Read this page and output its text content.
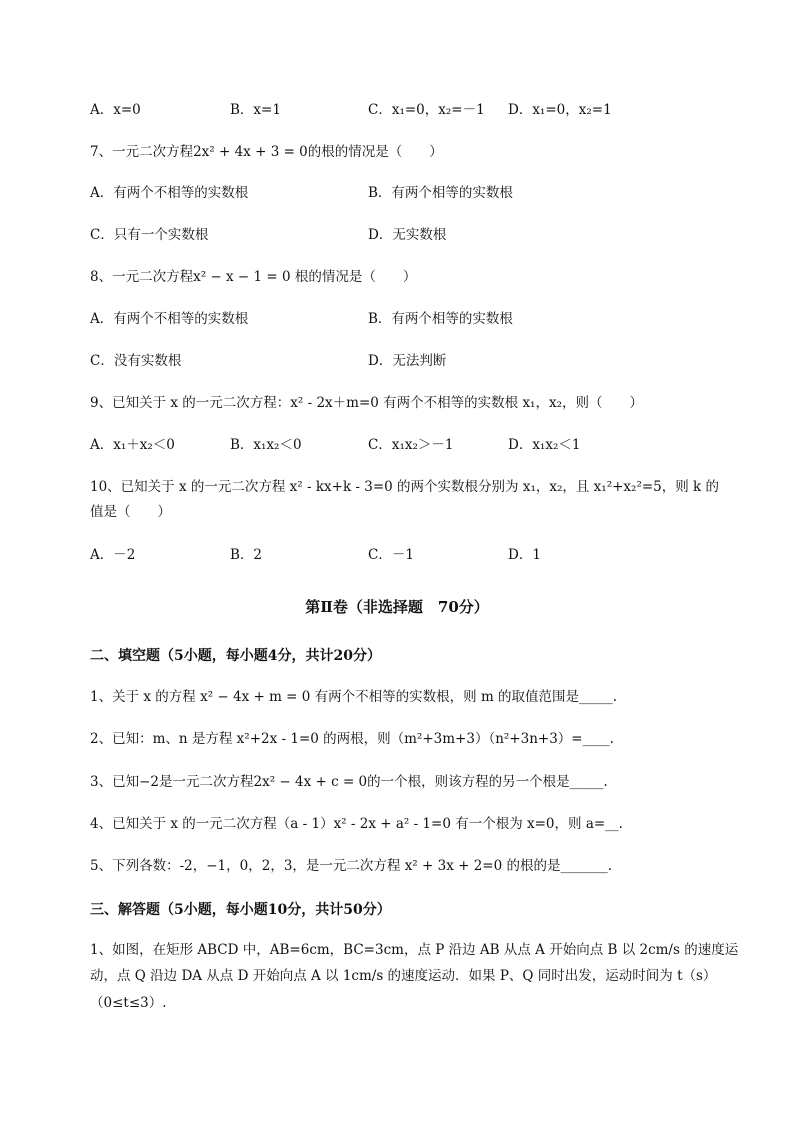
A．x=0	B．x=1	C．x₁=0，x₂=－1 D．x₁=0，x₂=1
7、一元二次方程2x² + 4x + 3 = 0的根的情况是（　　）
A．有两个不相等的实数根	B．有两个相等的实数根
C．只有一个实数根	D．无实数根
8、一元二次方程x² − x − 1 = 0 根的情况是（　　）
A．有两个不相等的实数根	B．有两个相等的实数根
C．没有实数根	D．无法判断
9、已知关于 x 的一元二次方程：x² - 2x＋m=0 有两个不相等的实数根 x₁，x₂，则（　　）
A．x₁＋x₂＜0	B．x₁x₂＜0	C．x₁x₂＞－1	D．x₁x₂＜1
10、已知关于 x 的一元二次方程 x² - kx+k - 3=0 的两个实数根分别为 x₁，x₂，且 x₁²+x₂²=5，则 k 的
值是（　　）
A．－2	B．2	C．－1	D．1
第Ⅱ卷（非选择题　70分）
二、填空题（5小题，每小题4分，共计20分）
1、关于 x 的方程 x² − 4x + m = 0 有两个不相等的实数根，则 m 的取值范围是_____.
2、已知：m、n 是方程 x²+2x - 1=0 的两根，则（m²+3m+3）（n²+3n+3）=____.
3、已知−2是一元二次方程2x² − 4x + c = 0的一个根，则该方程的另一个根是_____.
4、已知关于 x 的一元二次方程（a - 1）x² - 2x + a² - 1=0 有一个根为 x=0，则 a=__.
5、下列各数：-2，−1，0，2，3，是一元二次方程 x² + 3x + 2=0 的根的是_______.
三、解答题（5小题，每小题10分，共计50分）
1、如图，在矩形 ABCD 中，AB=6cm，BC=3cm，点 P 沿边 AB 从点 A 开始向点 B 以 2cm/s 的速度运
动，点 Q 沿边 DA 从点 D 开始向点 A 以 1cm/s 的速度运动．如果 P、Q 同时出发，运动时间为 t（s）
（0≤t≤3）.
